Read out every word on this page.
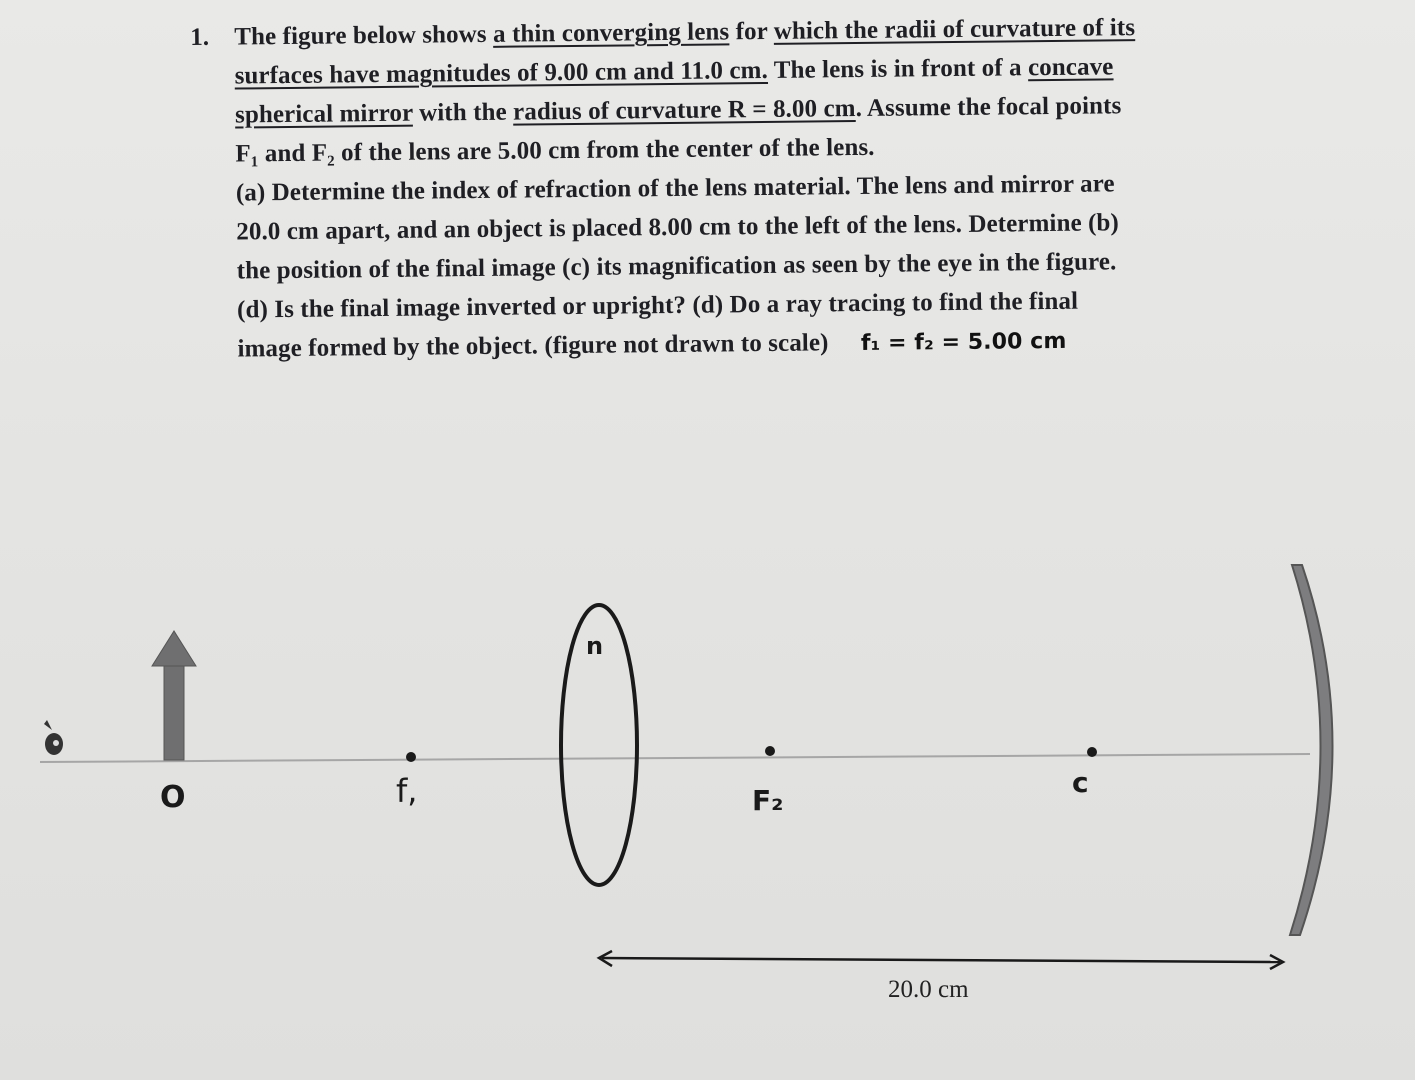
1. The figure below shows a thin converging lens for which the radii of curvature of its
surfaces have magnitudes of 9.00 cm and 11.0 cm. The lens is in front of a concave
spherical mirror with the radius of curvature R = 8.00 cm. Assume the focal points
F₁ and F₂ of the lens are 5.00 cm from the center of the lens.
(a) Determine the index of refraction of the lens material. The lens and mirror are
20.0 cm apart, and an object is placed 8.00 cm to the left of the lens. Determine (b)
the position of the final image (c) its magnification as seen by the eye in the figure.
(d) Is the final image inverted or upright? (d) Do a ray tracing to find the final
image formed by the object. (figure not drawn to scale) f₁ = f₂ = 5.00 cm
O	f,	F₂
c
n
20.0 cm
